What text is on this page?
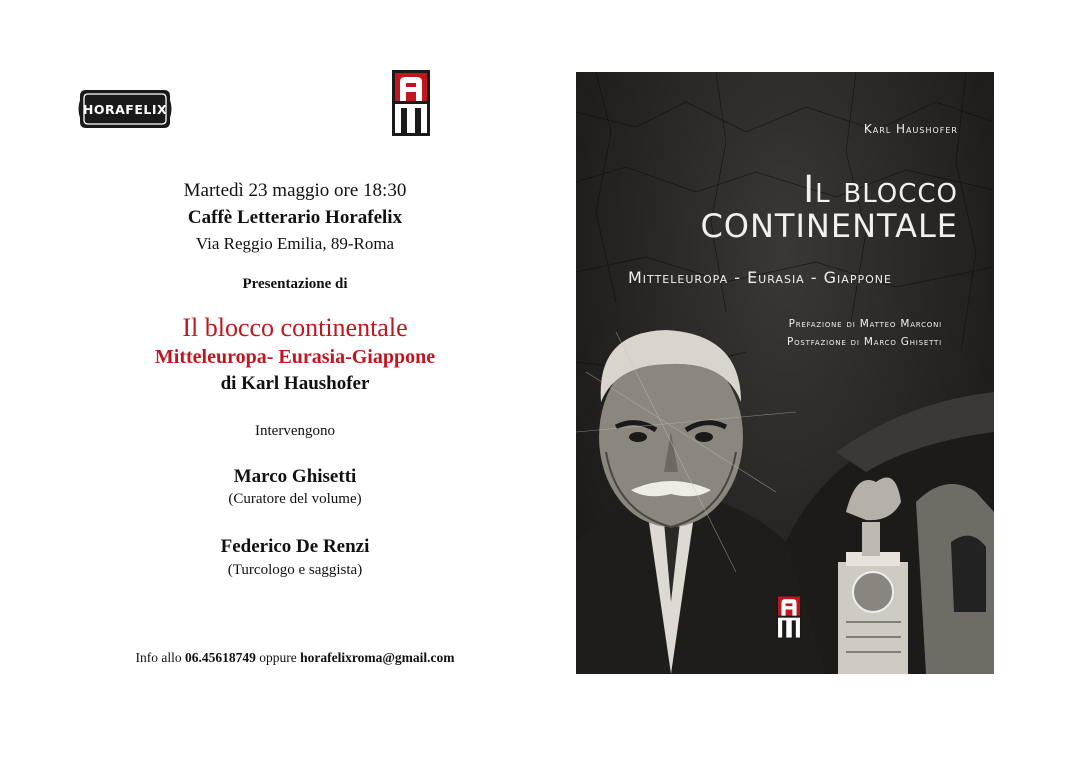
HORAFELIX
Martedì 23 maggio ore 18:30
Caffè Letterario Horafelix
Via Reggio Emilia, 89-Roma
Presentazione di
Il blocco continentale
Mitteleuropa- Eurasia-Giappone
di Karl Haushofer
Intervengono
Marco Ghisetti
(Curatore del volume)
Federico De Renzi
(Turcologo e saggista)
Info allo 06.45618749 oppure horafelixroma@gmail.com
Karl Haushofer
Il blocco
CONTINENTALE
Mitteleuropa - Eurasia - Giappone
Prefazione di Matteo Marconi
Postfazione di Marco Ghisetti
